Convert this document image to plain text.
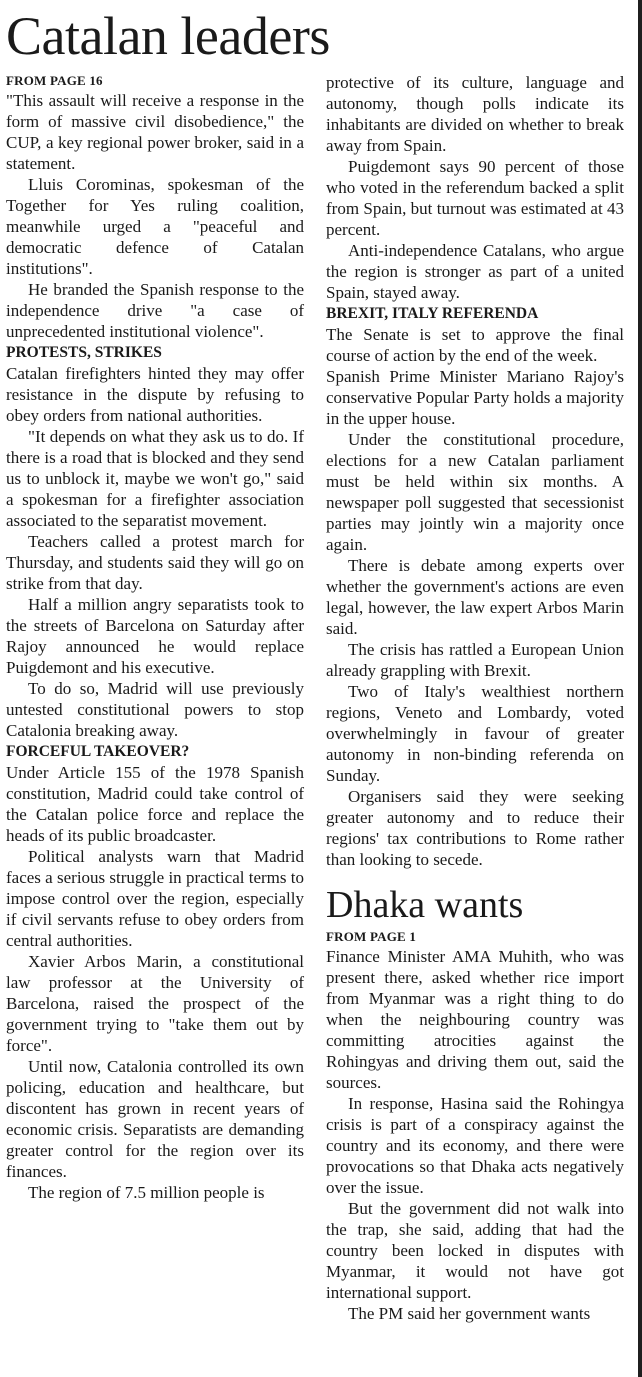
Catalan leaders
FROM PAGE 16

"This assault will receive a response in the form of massive civil disobedience," the CUP, a key regional power broker, said in a statement.

Lluis Corominas, spokesman of the Together for Yes ruling coalition, meanwhile urged a "peaceful and democratic defence of Catalan institutions".

He branded the Spanish response to the independence drive "a case of unprecedented institutional violence".

PROTESTS, STRIKES

Catalan firefighters hinted they may offer resistance in the dispute by refusing to obey orders from national authorities.

"It depends on what they ask us to do. If there is a road that is blocked and they send us to unblock it, maybe we won't go," said a spokesman for a firefighter association associated to the separatist movement.

Teachers called a protest march for Thursday, and students said they will go on strike from that day.

Half a million angry separatists took to the streets of Barcelona on Saturday after Rajoy announced he would replace Puigdemont and his executive.

To do so, Madrid will use previously untested constitutional powers to stop Catalonia breaking away.

FORCEFUL TAKEOVER?

Under Article 155 of the 1978 Spanish constitution, Madrid could take control of the Catalan police force and replace the heads of its public broadcaster.

Political analysts warn that Madrid faces a serious struggle in practical terms to impose control over the region, especially if civil servants refuse to obey orders from central authorities.

Xavier Arbos Marin, a constitutional law professor at the University of Barcelona, raised the prospect of the government trying to "take them out by force".

Until now, Catalonia controlled its own policing, education and healthcare, but discontent has grown in recent years of economic crisis. Separatists are demanding greater control for the region over its finances.

The region of 7.5 million people is

protective of its culture, language and autonomy, though polls indicate its inhabitants are divided on whether to break away from Spain.

Puigdemont says 90 percent of those who voted in the referendum backed a split from Spain, but turnout was estimated at 43 percent.

Anti-independence Catalans, who argue the region is stronger as part of a united Spain, stayed away.

BREXIT, ITALY REFERENDA

The Senate is set to approve the final course of action by the end of the week.

Spanish Prime Minister Mariano Rajoy's conservative Popular Party holds a majority in the upper house.

Under the constitutional procedure, elections for a new Catalan parliament must be held within six months. A newspaper poll suggested that secessionist parties may jointly win a majority once again.

There is debate among experts over whether the government's actions are even legal, however, the law expert Arbos Marin said.

The crisis has rattled a European Union already grappling with Brexit.

Two of Italy's wealthiest northern regions, Veneto and Lombardy, voted overwhelmingly in favour of greater autonomy in non-binding referenda on Sunday.

Organisers said they were seeking greater autonomy and to reduce their regions' tax contributions to Rome rather than looking to secede.

Dhaka wants
FROM PAGE 1

Finance Minister AMA Muhith, who was present there, asked whether rice import from Myanmar was a right thing to do when the neighbouring country was committing atrocities against the Rohingyas and driving them out, said the sources.

In response, Hasina said the Rohingya crisis is part of a conspiracy against the country and its economy, and there were provocations so that Dhaka acts negatively over the issue.

But the government did not walk into the trap, she said, adding that had the country been locked in disputes with Myanmar, it would not have got international support.

The PM said her government wants
